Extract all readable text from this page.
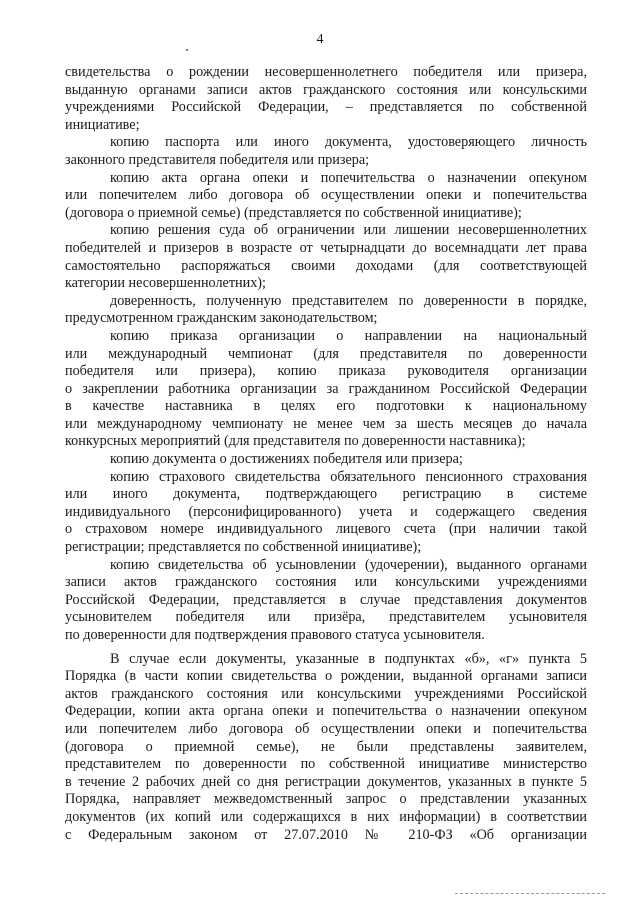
4
свидетельства о рождении несовершеннолетнего победителя или призера,
выданную органами записи актов гражданского состояния или консульскими
учреждениями Российской Федерации, – представляется по собственной
инициативе;
копию паспорта или иного документа, удостоверяющего личность
законного представителя победителя или призера;
копию акта органа опеки и попечительства о назначении опекуном
или попечителем либо договора об осуществлении опеки и попечительства
(договора о приемной семье) (представляется по собственной инициативе);
копию решения суда об ограничении или лишении несовершеннолетних
победителей и призеров в возрасте от четырнадцати до восемнадцати лет права
самостоятельно распоряжаться своими доходами (для соответствующей
категории несовершеннолетних);
доверенность, полученную представителем по доверенности в порядке,
предусмотренном гражданским законодательством;
копию приказа организации о направлении на национальный
или международный чемпионат (для представителя по доверенности
победителя или призера), копию приказа руководителя организации
о закреплении работника организации за гражданином Российской Федерации
в качестве наставника в целях его подготовки к национальному
или международному чемпионату не менее чем за шесть месяцев до начала
конкурсных мероприятий (для представителя по доверенности наставника);
копию документа о достижениях победителя или призера;
копию страхового свидетельства обязательного пенсионного страхования
или иного документа, подтверждающего регистрацию в системе
индивидуального (персонифицированного) учета и содержащего сведения
о страховом номере индивидуального лицевого счета (при наличии такой
регистрации; представляется по собственной инициативе);
копию свидетельства об усыновлении (удочерении), выданного органами
записи актов гражданского состояния или консульскими учреждениями
Российской Федерации, представляется в случае представления документов
усыновителем победителя или призёра, представителем усыновителя
по доверенности для подтверждения правового статуса усыновителя.
В случае если документы, указанные в подпунктах «б», «г» пункта 5
Порядка (в части копии свидетельства о рождении, выданной органами записи
актов гражданского состояния или консульскими учреждениями Российской
Федерации, копии акта органа опеки и попечительства о назначении опекуном
или попечителем либо договора об осуществлении опеки и попечительства
(договора о приемной семье), не были представлены заявителем,
представителем по доверенности по собственной инициативе министерство
в течение 2 рабочих дней со дня регистрации документов, указанных в пункте 5
Порядка, направляет межведомственный запрос о представлении указанных
документов (их копий или содержащихся в них информации) в соответствии
с Федеральным законом от 27.07.2010 № 210-ФЗ «Об организации
